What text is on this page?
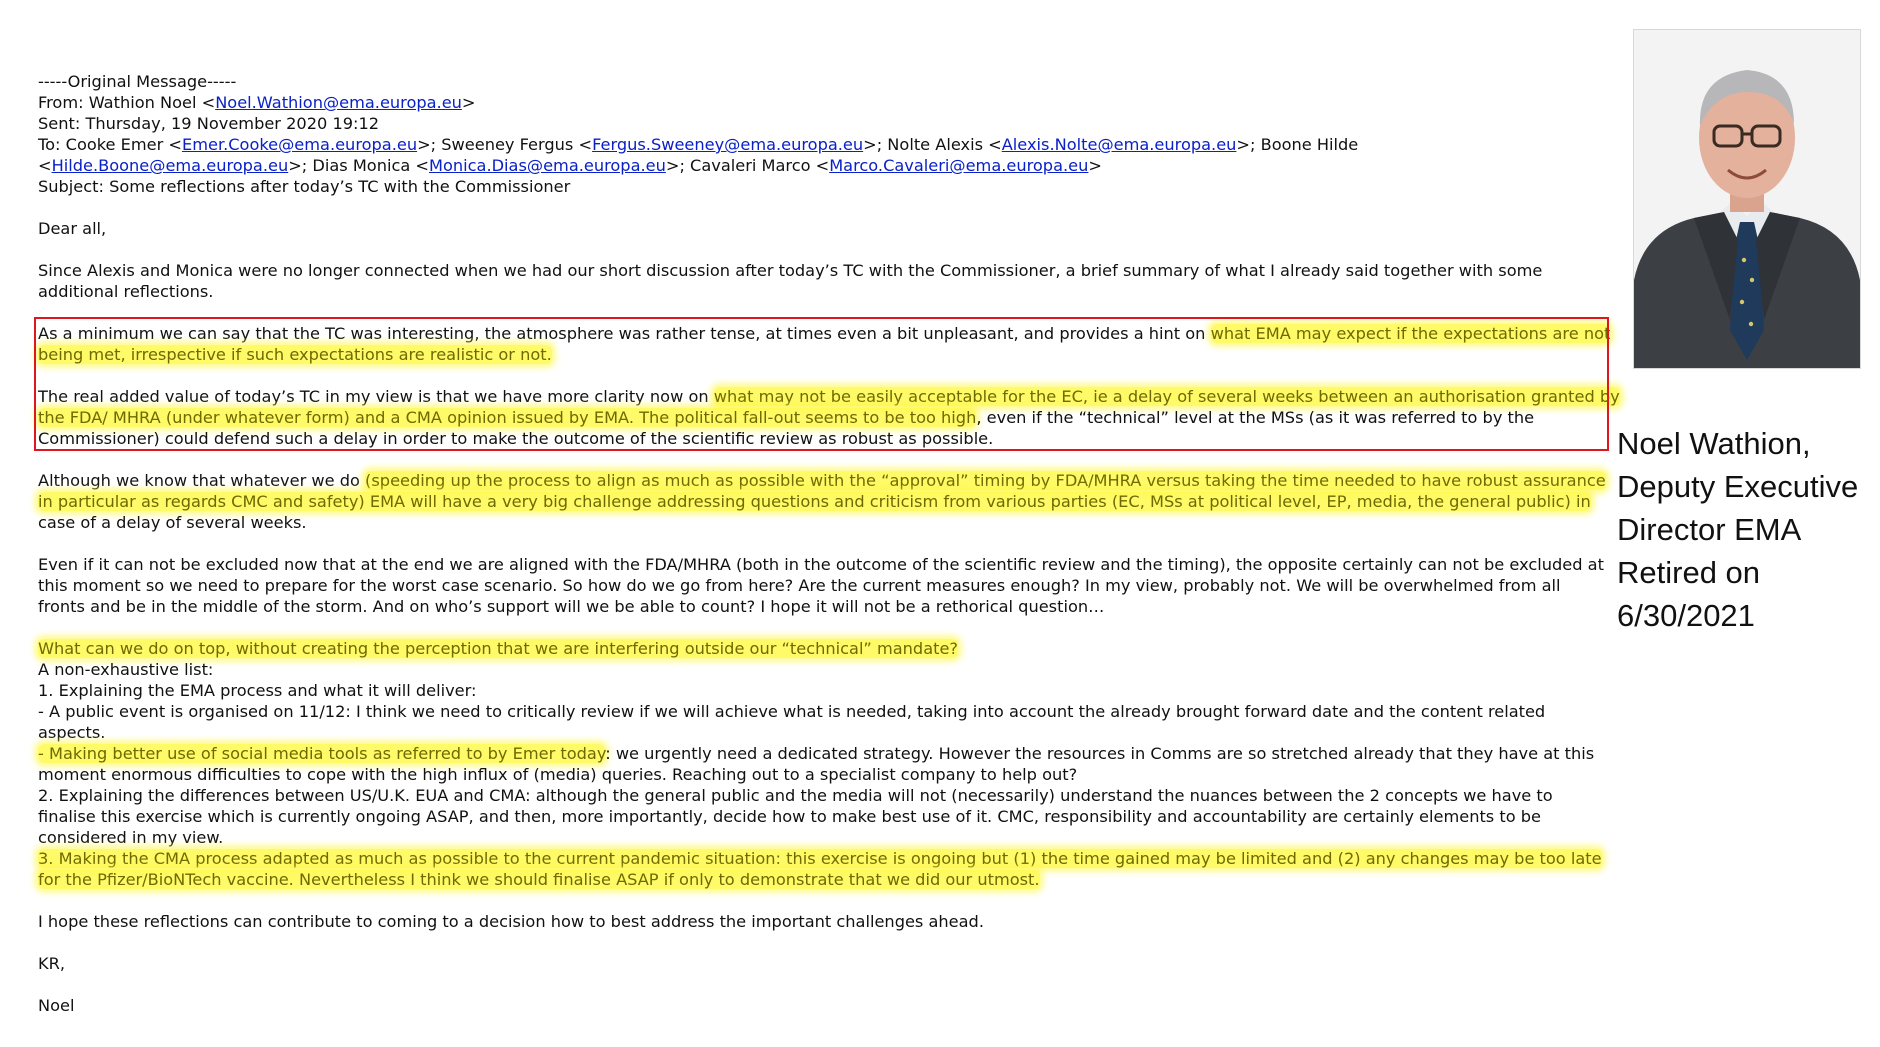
-----Original Message-----
From: Wathion Noel <Noel.Wathion@ema.europa.eu>
Sent: Thursday, 19 November 2020 19:12
To: Cooke Emer <Emer.Cooke@ema.europa.eu>; Sweeney Fergus <Fergus.Sweeney@ema.europa.eu>; Nolte Alexis <Alexis.Nolte@ema.europa.eu>; Boone Hilde
<Hilde.Boone@ema.europa.eu>; Dias Monica <Monica.Dias@ema.europa.eu>; Cavaleri Marco <Marco.Cavaleri@ema.europa.eu>
Subject: Some reflections after today’s TC with the Commissioner
Dear all,
Since Alexis and Monica were no longer connected when we had our short discussion after today’s TC with the Commissioner, a brief summary of what I already said together with some
additional reflections.
As a minimum we can say that the TC was interesting, the atmosphere was rather tense, at times even a bit unpleasant, and provides a hint on what EMA may expect if the expectations are not
being met, irrespective if such expectations are realistic or not.
The real added value of today’s TC in my view is that we have more clarity now on what may not be easily acceptable for the EC, ie a delay of several weeks between an authorisation granted by
the FDA/ MHRA (under whatever form) and a CMA opinion issued by EMA. The political fall-out seems to be too high, even if the “technical” level at the MSs (as it was referred to by the
Commissioner) could defend such a delay in order to make the outcome of the scientific review as robust as possible.
Although we know that whatever we do (speeding up the process to align as much as possible with the “approval” timing by FDA/MHRA versus taking the time needed to have robust assurance
in particular as regards CMC and safety) EMA will have a very big challenge addressing questions and criticism from various parties (EC, MSs at political level, EP, media, the general public) in
case of a delay of several weeks.
Even if it can not be excluded now that at the end we are aligned with the FDA/MHRA (both in the outcome of the scientific review and the timing), the opposite certainly can not be excluded at
this moment so we need to prepare for the worst case scenario. So how do we go from here? Are the current measures enough? In my view, probably not. We will be overwhelmed from all
fronts and be in the middle of the storm. And on who’s support will we be able to count? I hope it will not be a rethorical question…
What can we do on top, without creating the perception that we are interfering outside our “technical” mandate?
A non-exhaustive list:
1. Explaining the EMA process and what it will deliver:
- A public event is organised on 11/12: I think we need to critically review if we will achieve what is needed, taking into account the already brought forward date and the content related
aspects.
- Making better use of social media tools as referred to by Emer today: we urgently need a dedicated strategy. However the resources in Comms are so stretched already that they have at this
moment enormous difficulties to cope with the high influx of (media) queries. Reaching out to a specialist company to help out?
2. Explaining the differences between US/U.K. EUA and CMA: although the general public and the media will not (necessarily) understand the nuances between the 2 concepts we have to
finalise this exercise which is currently ongoing ASAP, and then, more importantly, decide how to make best use of it. CMC, responsibility and accountability are certainly elements to be
considered in my view.
3. Making the CMA process adapted as much as possible to the current pandemic situation: this exercise is ongoing but (1) the time gained may be limited and (2) any changes may be too late
for the Pfizer/BioNTech vaccine. Nevertheless I think we should finalise ASAP if only to demonstrate that we did our utmost.
I hope these reflections can contribute to coming to a decision how to best address the important challenges ahead.
KR,
Noel
Noel Wathion,
Deputy Executive
Director EMA
Retired on
6/30/2021
